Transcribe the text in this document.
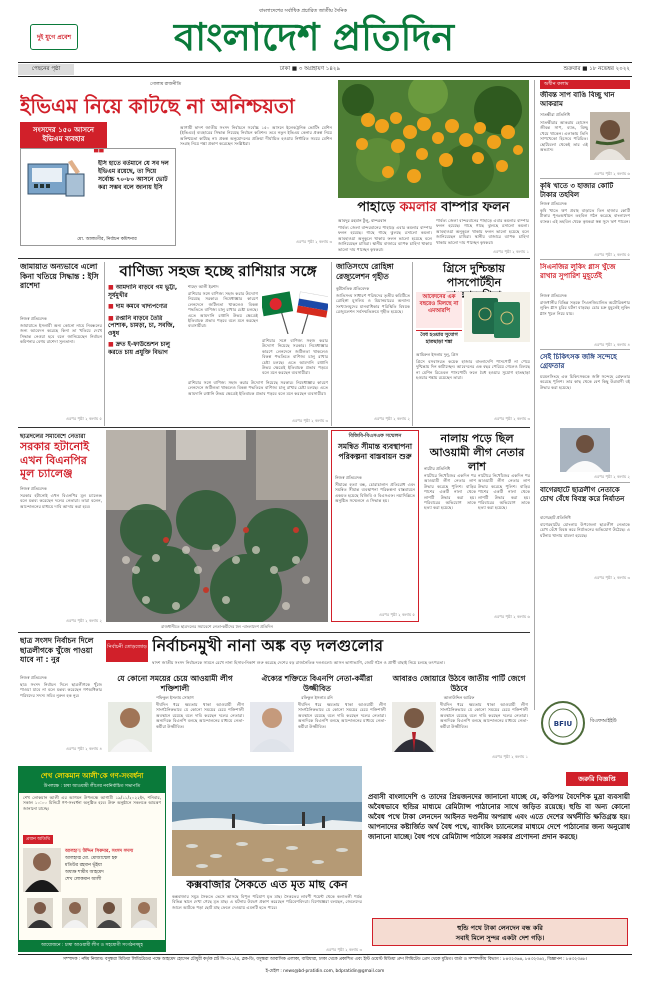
দুই যুগে প্রবেশ
বাংলাদেশের সর্বাধিক প্রচারিত জাতীয় দৈনিক
বাংলাদেশ প্রতিদিন
পেছনের পৃষ্ঠা	ঢাকা ■ ৩ অগ্রহায়ণ ১৪২৯	শুক্রবার ■ ১৮ নভেম্বর ২০২২
ইভিএম নিয়ে কাটছে না অনিশ্চয়তা
গোলাম রাজনীতি
সংসদের ১৫০ আসনে ইভিএম ব্যবহার
❝
ইসি হাতে বর্তমানে যে সব দল ইভিএম রয়েছে, তা দিয়ে সর্বোচ্চ ৭০-৮০ আসনে ভোট করা সম্ভব বলে জানায় ইসি
মো. আলমগীর, নির্বাচন কমিশনার
আগামী দ্বাদশ জাতীয় সংসদ নির্বাচনে সর্বোচ্চ ১৫০ আসনে ইলেকট্রনিক ভোটিং মেশিন (ইভিএম) ব্যবহারের সিদ্ধান্ত নিয়েছে নির্বাচন কমিশন। তবে নতুন ইভিএম কেনার প্রকল্প নিয়ে অনিশ্চয়তা কাটছে না। প্রকল্প অনুমোদনের প্রক্রিয়া দীর্ঘায়িত হওয়ায় নির্ধারিত সময়ে মেশিন সংগ্রহ নিয়ে শঙ্কা প্রকাশ করেছেন সংশ্লিষ্টরা।
এরপর পৃষ্ঠা ২ কলাম ৩
পাহাড়ে কমলার বাম্পার ফলন
আবদুর রহমান টুলু, বান্দরবান
পার্বত্য জেলা বান্দরবানের পাহাড়ে এবার কমলার বাম্পার ফলন হয়েছে। গাছে গাছে ঝুলছে রসালো কমলা। আবহাওয়া অনুকূলে থাকায় ফলন ভালো হয়েছে বলে জানিয়েছেন চাষিরা। স্থানীয় বাজারে ব্যাপক চাহিদা থাকায় ভালো দাম পাচ্ছেন কৃষকরা।
পার্বত্য জেলা বান্দরবানের পাহাড়ে এবার কমলার বাম্পার ফলন হয়েছে। গাছে গাছে ঝুলছে রসালো কমলা। আবহাওয়া অনুকূলে থাকায় ফলন ভালো হয়েছে বলে জানিয়েছেন চাষিরা। স্থানীয় বাজারে ব্যাপক চাহিদা থাকায় ভালো দাম পাচ্ছেন কৃষকরা।
এরপর পৃষ্ঠা ২ কলাম ১
অধীন কলাম
জীবন্ত সাপ বাঙি বিচ্ছু খান আকরাম
সাতক্ষীরা প্রতিনিধি
সাতক্ষীরার আকরাম হোসেন জীবন্ত সাপ, ব্যাঙ, বিচ্ছু খেয়ে থাকেন। এলাকায় তিনি সাপখেকো হিসেবে পরিচিত। ছোটবেলা থেকেই তার এই অভ্যাস।
এরপর পৃষ্ঠা ২ কলাম ৬
কৃষি খাতে ৩ হাজার কোটি টাকার তহবিল
নিজস্ব প্রতিবেদক
কৃষি খাতে ঋণ প্রবাহ বাড়াতে তিন হাজার কোটি টাকার পুনঃঅর্থায়ন তহবিল গঠন করেছে বাংলাদেশ ব্যাংক। এই তহবিল থেকে কৃষকরা স্বল্প সুদে ঋণ পাবেন।
এরপর পৃষ্ঠা ২ কলাম ৫
সিএনজির লুকিং গ্লাস খুঁজে রাখার সুপারিশ মুহূর্তেই
নিজস্ব প্রতিবেদক
রাজধানীর বিভিন্ন সড়কে সিএনজিচালিত অটোরিকশার লুকিং গ্লাস চুরির ঘটনা বাড়ছে। চোর চক্র মুহূর্তেই লুকিং গ্লাস খুলে নিয়ে যায়।
এরপর পৃষ্ঠা ২ কলাম ৪
সেই চিকিৎসক জঙ্গি সন্দেহে গ্রেফতার
ময়মনসিংহে এক চিকিৎসককে জঙ্গি সন্দেহে গ্রেফতার করেছে পুলিশ। তার কাছ থেকে বেশ কিছু উগ্রবাদী বই উদ্ধার করা হয়েছে।
এরপর পৃষ্ঠা ২ কলাম ২
বাগেরহাটে ছাত্রলীগ নেতাকে চোখ বেঁধে বিবস্ত্র করে নির্যাতন
বাগেরহাট প্রতিনিধি
বাগেরহাটের মোংলায় উপজেলা ছাত্রলীগ নেতাকে চোখ বেঁধে বিবস্ত্র করে নির্যাতনের অভিযোগ উঠেছে। এ ঘটনায় থানায় মামলা হয়েছে।
এরপর পৃষ্ঠা ২ কলাম ৩
জামায়াত অন্যভাবে এলো কিনা খতিয়ে সিদ্ধান্ত : ইসি রাশেদা
নিজস্ব প্রতিবেদক
জামায়াতে ইসলামী অন্য কোনো নামে নিবন্ধনের জন্য আবেদন করেছে কিনা তা খতিয়ে দেখে সিদ্ধান্ত নেওয়া হবে বলে জানিয়েছেন নির্বাচন কমিশনার বেগম রাশেদা সুলতানা।
এরপর পৃষ্ঠা ২ কলাম ৫
বাণিজ্য সহজ হচ্ছে রাশিয়ার সঙ্গে
■ আমদানি বাড়বে গম ভুট্টা, সূর্যমুখীর
■ দাম কমবে খাদ্যপণ্যের
■ রপ্তানি বাড়বে তৈরি পোশাক, চামড়া, চা, সবজি, ওষুধ
■ দ্রুত ই-ফাউন্ডেশন চালু করতে চায় প্রযুক্তি বিভাগ
শাহেদ আলী ইরশাদ
রাশিয়ার সঙ্গে বাণিজ্য সহজ করার উদ্যোগ নিয়েছে সরকার। নিষেধাজ্ঞার কারণে লেনদেনে জটিলতা থাকলেও বিকল্প পদ্ধতিতে বাণিজ্য চালু রাখার চেষ্টা চলছে। এতে আমদানি রপ্তানি উভয় ক্ষেত্রেই ইতিবাচক প্রভাব পড়বে বলে মনে করছেন ব্যবসায়ীরা।
রাশিয়ার সঙ্গে বাণিজ্য সহজ করার উদ্যোগ নিয়েছে সরকার। নিষেধাজ্ঞার কারণে লেনদেনে জটিলতা থাকলেও বিকল্প পদ্ধতিতে বাণিজ্য চালু রাখার চেষ্টা চলছে। এতে আমদানি রপ্তানি উভয় ক্ষেত্রেই ইতিবাচক প্রভাব পড়বে বলে মনে করছেন ব্যবসায়ীরা।
রাশিয়ার সঙ্গে বাণিজ্য সহজ করার উদ্যোগ নিয়েছে সরকার। নিষেধাজ্ঞার কারণে লেনদেনে জটিলতা থাকলেও বিকল্প পদ্ধতিতে বাণিজ্য চালু রাখার চেষ্টা চলছে। এতে আমদানি রপ্তানি উভয় ক্ষেত্রেই ইতিবাচক প্রভাব পড়বে বলে মনে করছেন ব্যবসায়ীরা।
এরপর পৃষ্ঠা ২ কলাম ৩
জাতিসংঘে রোহিঙ্গা রেজ্যুলেশন গৃহীত
কূটনৈতিক প্রতিবেদক
জাতিসংঘ সাধারণ পরিষদের তৃতীয় কমিটিতে রোহিঙ্গা মুসলিম ও মিয়ানমারের অন্যান্য সংখ্যালঘুদের মানবাধিকার পরিস্থিতি বিষয়ক রেজ্যুলেশন সর্বসম্মতিক্রমে গৃহীত হয়েছে।
এরপর পৃষ্ঠা ২ কলাম ২
গ্রিসে দুশ্চিন্তায় পাসপোর্টহীন
আবেদনের এক বছরেও মিলছে না এমআরপি
বৈধ হওয়ার সুযোগ হাতছাড়া শঙ্কা
আমিরুল ইসলাম দুলু, গ্রিস
গ্রিসে বসবাসরত কয়েক হাজার বাংলাদেশি পাসপোর্ট না পেয়ে দুশ্চিন্তায় দিন কাটাচ্ছেন। আবেদনের এক বছর পেরিয়ে গেলেও মিলছে না মেশিন রিডেবল পাসপোর্ট। ফলে বৈধ হওয়ার সুযোগ হাতছাড়া হওয়ার শঙ্কায় রয়েছেন তারা।
এরপর পৃষ্ঠা ২ কলাম ৩
ছাত্রদলের সমাবেশে নেতারা
সরকার হটানোই এখন বিএনপির মূল চ্যালেঞ্জ
নিজস্ব প্রতিবেদক
সরকার হটানোই এখন বিএনপির মূল চ্যালেঞ্জ বলে মন্তব্য করেছেন দলের নেতারা। তারা বলেন, আন্দোলনের মাধ্যমে দাবি আদায় করা হবে।
এরপর পৃষ্ঠা ২ কলাম ২
রাজধানীতে ছাত্রদলের সমাবেশে নেতা-কর্মীদের ঢল -বাংলাদেশ প্রতিদিন
বিজিবি-বিএসএফ সম্মেলন
সমন্বিত সীমান্ত ব্যবস্থাপনা পরিকল্পনা বাস্তবায়ন শুরু
নিজস্ব প্রতিবেদক
সীমান্তে হত্যা বন্ধ, চোরাচালান প্রতিরোধ এবং সমন্বিত সীমান্ত ব্যবস্থাপনা পরিকল্পনা বাস্তবায়নে একমত হয়েছে বিজিবি ও বিএসএফ। নয়াদিল্লিতে অনুষ্ঠিত সম্মেলনে এ সিদ্ধান্ত হয়।
এরপর পৃষ্ঠা ২ কলাম ৫
নালায় পড়ে ছিল আওয়ামী লীগ নেতার লাশ
নাটোর প্রতিনিধি
নাটোরে নিখোঁজের একদিন পর আওয়ামী লীগ নেতার লাশ উদ্ধার করেছে পুলিশ। বাড়ির পাশের একটি নালা থেকে লাশটি উদ্ধার করা হয়। পরিবারের অভিযোগ তাকে হত্যা করা হয়েছে।
নাটোরে নিখোঁজের একদিন পর আওয়ামী লীগ নেতার লাশ উদ্ধার করেছে পুলিশ। বাড়ির পাশের একটি নালা থেকে লাশটি উদ্ধার করা হয়। পরিবারের অভিযোগ তাকে হত্যা করা হয়েছে।
এরপর পৃষ্ঠা ২ কলাম ৬
ছাত্র সংসদ নির্বাচন দিলে ছাত্রলীগকে খুঁজে পাওয়া যাবে না : নুর
নিজস্ব প্রতিবেদক
ছাত্র সংসদ নির্বাচন দিলে ছাত্রলীগকে খুঁজে পাওয়া যাবে না বলে মন্তব্য করেছেন গণঅধিকার পরিষদের সদস্য সচিব নুরুল হক নুর।
এরপর পৃষ্ঠা ২ কলাম ৪
নির্বাচনী তোড়জোড় নির্বাচনমুখী নানা অঙ্ক বড় দলগুলোর
দ্বাদশ জাতীয় সংসদ নির্বাচনকে সামনে রেখে নানা হিসাব-নিকাশ শুরু করেছে দেশের বড় রাজনৈতিক দলগুলো। আসন ভাগাভাগি, জোট গঠন ও প্রার্থী বাছাই নিয়ে চলছে তৎপরতা।
যে কোনো সময়ের চেয়ে আওয়ামী লীগ শক্তিশালী
শফিকুল ইসলাম সোহাগ
ঐক্যের শক্তিতে বিএনপি নেতা-কর্মীরা উজ্জীবিত
রফিকুল ইসলাম রনি
আবারও জোয়ারে উঠবে জাতীয় পার্টি জেগে উঠবে
আলাউদ্দিন আরিফ
দীর্ঘদিন ধরে ক্ষমতায় থাকা আওয়ামী লীগ সাংগঠনিকভাবে যে কোনো সময়ের চেয়ে শক্তিশালী অবস্থানে রয়েছে বলে দাবি করছেন দলের নেতারা। অন্যদিকে বিএনপি বলছে আন্দোলনের মাধ্যমে নেতা-কর্মীরা উজ্জীবিত।
দীর্ঘদিন ধরে ক্ষমতায় থাকা আওয়ামী লীগ সাংগঠনিকভাবে যে কোনো সময়ের চেয়ে শক্তিশালী অবস্থানে রয়েছে বলে দাবি করছেন দলের নেতারা। অন্যদিকে বিএনপি বলছে আন্দোলনের মাধ্যমে নেতা-কর্মীরা উজ্জীবিত।
দীর্ঘদিন ধরে ক্ষমতায় থাকা আওয়ামী লীগ সাংগঠনিকভাবে যে কোনো সময়ের চেয়ে শক্তিশালী অবস্থানে রয়েছে বলে দাবি করছেন দলের নেতারা। অন্যদিকে বিএনপি বলছে আন্দোলনের মাধ্যমে নেতা-কর্মীরা উজ্জীবিত।
এরপর পৃষ্ঠা ২ কলাম ১
BFIU	বিএফআইইউ
শেখ লোকমান আলী'কে গণ-সংবর্ধনা
উপলক্ষে : চাষা আওয়ামী লীগের নবনির্বাচিত সভাপতি
শেখ লোকমান আলী এর আগমন উপলক্ষে আগামী ১৯/১১/২০২২ইং, শনিবার, সকাল ১০:০০ মিনিটে গণ-সংবর্ধনা অনুষ্ঠিত হবে। উক্ত অনুষ্ঠানে সকলকে আমন্ত্রণ জানানো যাচ্ছে।
প্রধান অতিথি
আলহাজ্ব উদ্দিন সিকদার, সংসদ সদস্য
আলহাজ্ব মো. মোজাম্মেল হক
মতিউর রহমান ভূঁইয়া
অধ্যক্ষ শামীম আহমেদ
শেখ লোকমান আলী
আয়োজনে : চাষা আওয়ামী লীগ ও সহযোগী সংগঠনসমূহ
কক্সবাজার সৈকতে এত মৃত মাছ কেন
কক্সবাজার সমুদ্র সৈকতে ভেসে আসছে বিপুল পরিমাণ মৃত মাছ। সৈকতের লাবণী পয়েন্ট থেকে কলাতলী পর্যন্ত বিভিন্ন স্থানে দেখা গেছে মৃত মাছ। এ ঘটনায় উদ্বেগ প্রকাশ করেছেন পরিবেশবিদরা। বিশেষজ্ঞরা বলছেন, জেলেদের জালে আটকে পড়া ছোট মাছ ফেলে দেওয়ায় এমনটি হতে পারে।
এরপর পৃষ্ঠা ২ কলাম ৩
জরুরি বিজ্ঞপ্তি
প্রবাসী বাংলাদেশি ও তাদের প্রিয়জনদের জানানো যাচ্ছে যে, কতিপয় বৈদেশিক মুদ্রা ব্যবসায়ী অবৈধভাবে হুন্ডির মাধ্যমে রেমিট্যান্স পাঠানোর সাথে জড়িত রয়েছে। হুন্ডি বা অন্য কোনো অবৈধ পথে টাকা লেনদেন আইনত দণ্ডনীয় অপরাধ এবং এতে দেশের অর্থনীতি ক্ষতিগ্রস্ত হয়। আপনাদের কষ্টার্জিত অর্থ বৈধ পথে, ব্যাংকিং চ্যানেলের মাধ্যমে দেশে পাঠানোর জন্য অনুরোধ জানানো যাচ্ছে। বৈধ পথে রেমিট্যান্স পাঠালে সরকার প্রণোদনা প্রদান করছে।
হুন্ডি পথে টাকা লেনদেন বন্ধ করি
সবাই মিলে সুন্দর একটা দেশ গড়ি।
সম্পাদক : নঈম নিজাম। বসুন্ধরা মিডিয়া লিমিটেডের পক্ষে আহমেদ হোসেন চৌধুরী কর্তৃক প্লট সি-৩৭১/এ, ব্লক-ডি, বসুন্ধরা আবাসিক এলাকা, বারিধারা, ঢাকা থেকে প্রকাশিত এবং ইস্ট ওয়েস্ট মিডিয়া গ্রুপ লিমিটেড প্রেস থেকে মুদ্রিত। বার্তা ও সম্পাদকীয় বিভাগ : ৮৪৩২৩৬৪, ৮৪৩২৩৬২, বিজ্ঞাপন : ৮৪৩২৩৬৮।
ই-মেইল : news@bd-pratidin.com, bdpratidin@gmail.com
